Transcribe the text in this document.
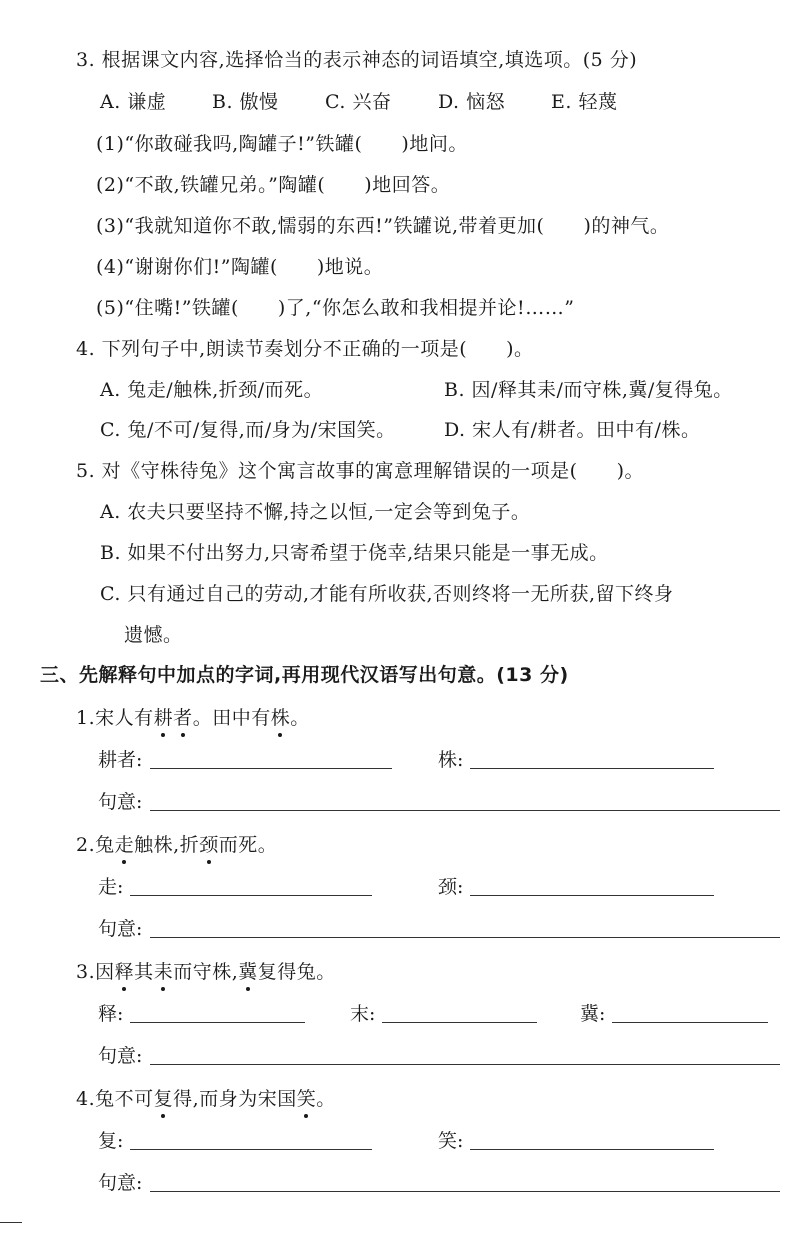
3. 根据课文内容,选择恰当的表示神态的词语填空,填选项。(5 分)
A. 谦虚 B. 傲慢 C. 兴奋 D. 恼怒 E. 轻蔑
(1)“你敢碰我吗,陶罐子!”铁罐(　　)地问。
(2)“不敢,铁罐兄弟。”陶罐(　　)地回答。
(3)“我就知道你不敢,懦弱的东西!”铁罐说,带着更加(　　)的神气。
(4)“谢谢你们!”陶罐(　　)地说。
(5)“住嘴!”铁罐(　　)了,“你怎么敢和我相提并论!……”
4. 下列句子中,朗读节奏划分不正确的一项是(　　)。
A. 兔走/触株,折颈/而死。	B. 因/释其耒/而守株,冀/复得兔。
C. 兔/不可/复得,而/身为/宋国笑。	D. 宋人有/耕者。田中有/株。
5. 对《守株待兔》这个寓言故事的寓意理解错误的一项是(　　)。
A. 农夫只要坚持不懈,持之以恒,一定会等到兔子。
B. 如果不付出努力,只寄希望于侥幸,结果只能是一事无成。
C. 只有通过自己的劳动,才能有所收获,否则终将一无所获,留下终身
遗憾。
三、先解释句中加点的字词,再用现代汉语写出句意。(13 分)
1.宋人有耕者。田中有株。
耕者:	株:
句意:
2.兔走触株,折颈而死。
走:	颈:
句意:
3.因释其耒而守株,冀复得兔。
释:	末:	冀:
句意:
4.兔不可复得,而身为宋国笑。
复:	笑:
句意:
